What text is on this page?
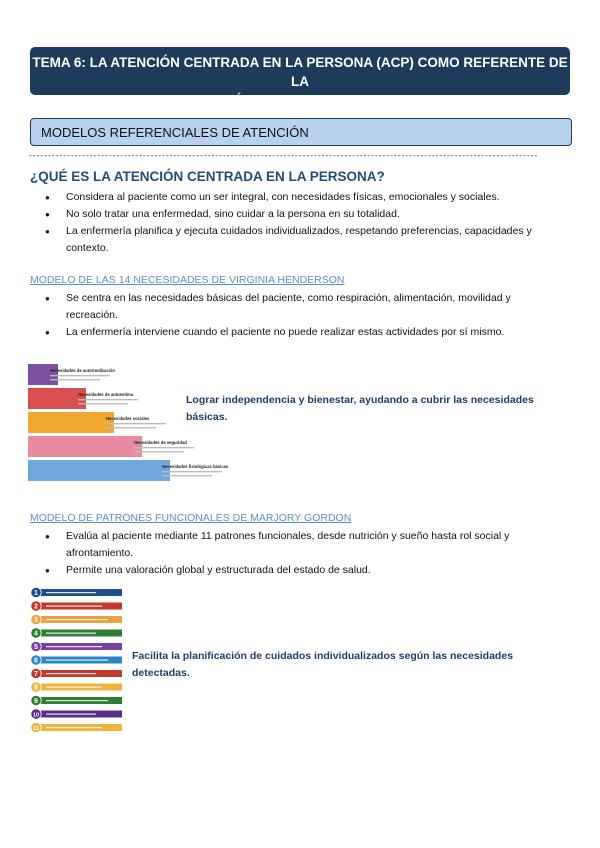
TEMA 6: LA ATENCIÓN CENTRADA EN LA PERSONA (ACP) COMO REFERENTE DE LA
PRÁCTICA PROFESIONAL
MODELOS REFERENCIALES DE ATENCIÓN
--------------------------------------------------------------------------------------------------------------------------------------
¿QUÉ ES LA ATENCIÓN CENTRADA EN LA PERSONA?
● Considera al paciente como un ser integral, con necesidades físicas, emocionales y sociales.
● No solo tratar una enfermedad, sino cuidar a la persona en su totalidad.
● La enfermería planifica y ejecuta cuidados individualizados, respetando preferencias, capacidades y contexto.
MODELO DE LAS 14 NECESIDADES DE VIRGINIA HENDERSON
● Se centra en las necesidades básicas del paciente, como respiración, alimentación, movilidad y recreación.
● La enfermería interviene cuando el paciente no puede realizar estas actividades por sí mismo.
Necesidades de autorrealización
Necesidades de autoestima
Necesidades sociales
Necesidades de seguridad
Necesidades fisiológicas básicas
Lograr independencia y bienestar, ayudando a cubrir las necesidades básicas.
MODELO DE PATRONES FUNCIONALES DE MARJORY GORDON
● Evalúa al paciente mediante 11 patrones funcionales, desde nutrición y sueño hasta rol social y afrontamiento.
● Permite una valoración global y estructurada del estado de salud.
1
2
3
4
5
6
7
8
9
10
11
Facilita la planificación de cuidados individualizados según las necesidades detectadas.
